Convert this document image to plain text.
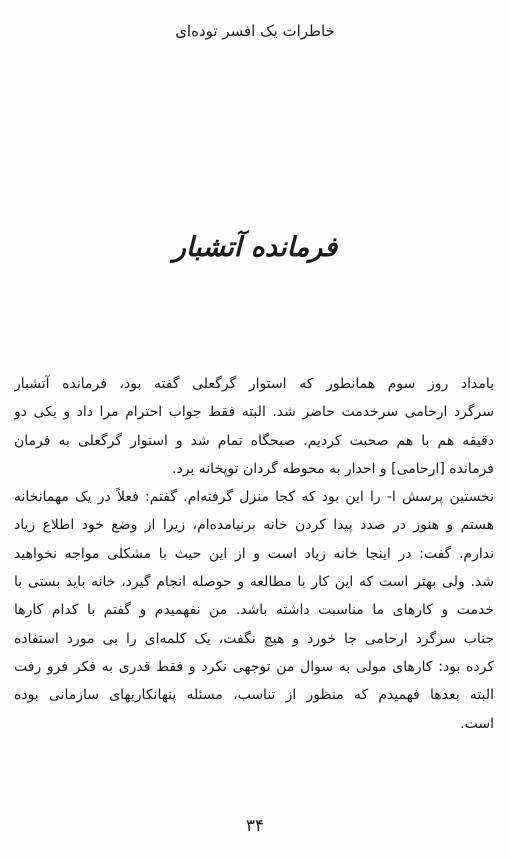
خاطرات یک افسر توده‌ای
فرمانده آتشبار
بامداد روز سوم همانطور که استوار گرگعلی گفته بود، فرمانده آتشبار
سرگرد ارحامی سرخدمت حاضر شد. البته فقط جواب احترام مرا داد و یکی دو
دقیقه هم با هم صحبت کردیم. صبحگاه تمام شد و استوار گرگعلی به فرمان
فرمانده [ارحامی] و احدار به محوطه گردان توپخانه برد.
نخستین پرسش ا- را این بود که کجا منزل گرفته‌ام. گفتم: فعلاً در یک مهمانخانه
هستم و هنوز در صدد پیدا کردن خانه برنیامده‌ام، زیرا از وضع خود اطلاع زیاد
ندارم. گفت: در اینجا خانه زیاد است و از این حیث با مشکلی مواجه نخواهید
شد. ولی بهتر است که این کار با مطالعه و حوصله انجام گیرد، خانه باید بستی با
خدمت و کارهای ما مناسبت داشته باشد. من نفهمیدم و گفتم با کدام کارها
جناب سرگرد ارحامی جا خورد و هیچ نگفت، یک کلمه‌ای را بی مورد استفاده
کرده بود: کارهای مولی به سوال من توجهی نکرد و فقط قدری به فکر فرو رفت
البته بعدها فهمیدم که منظور از تناسب، مسئله پنهانکاریهای سازمانی بوده
است.
۳۴
